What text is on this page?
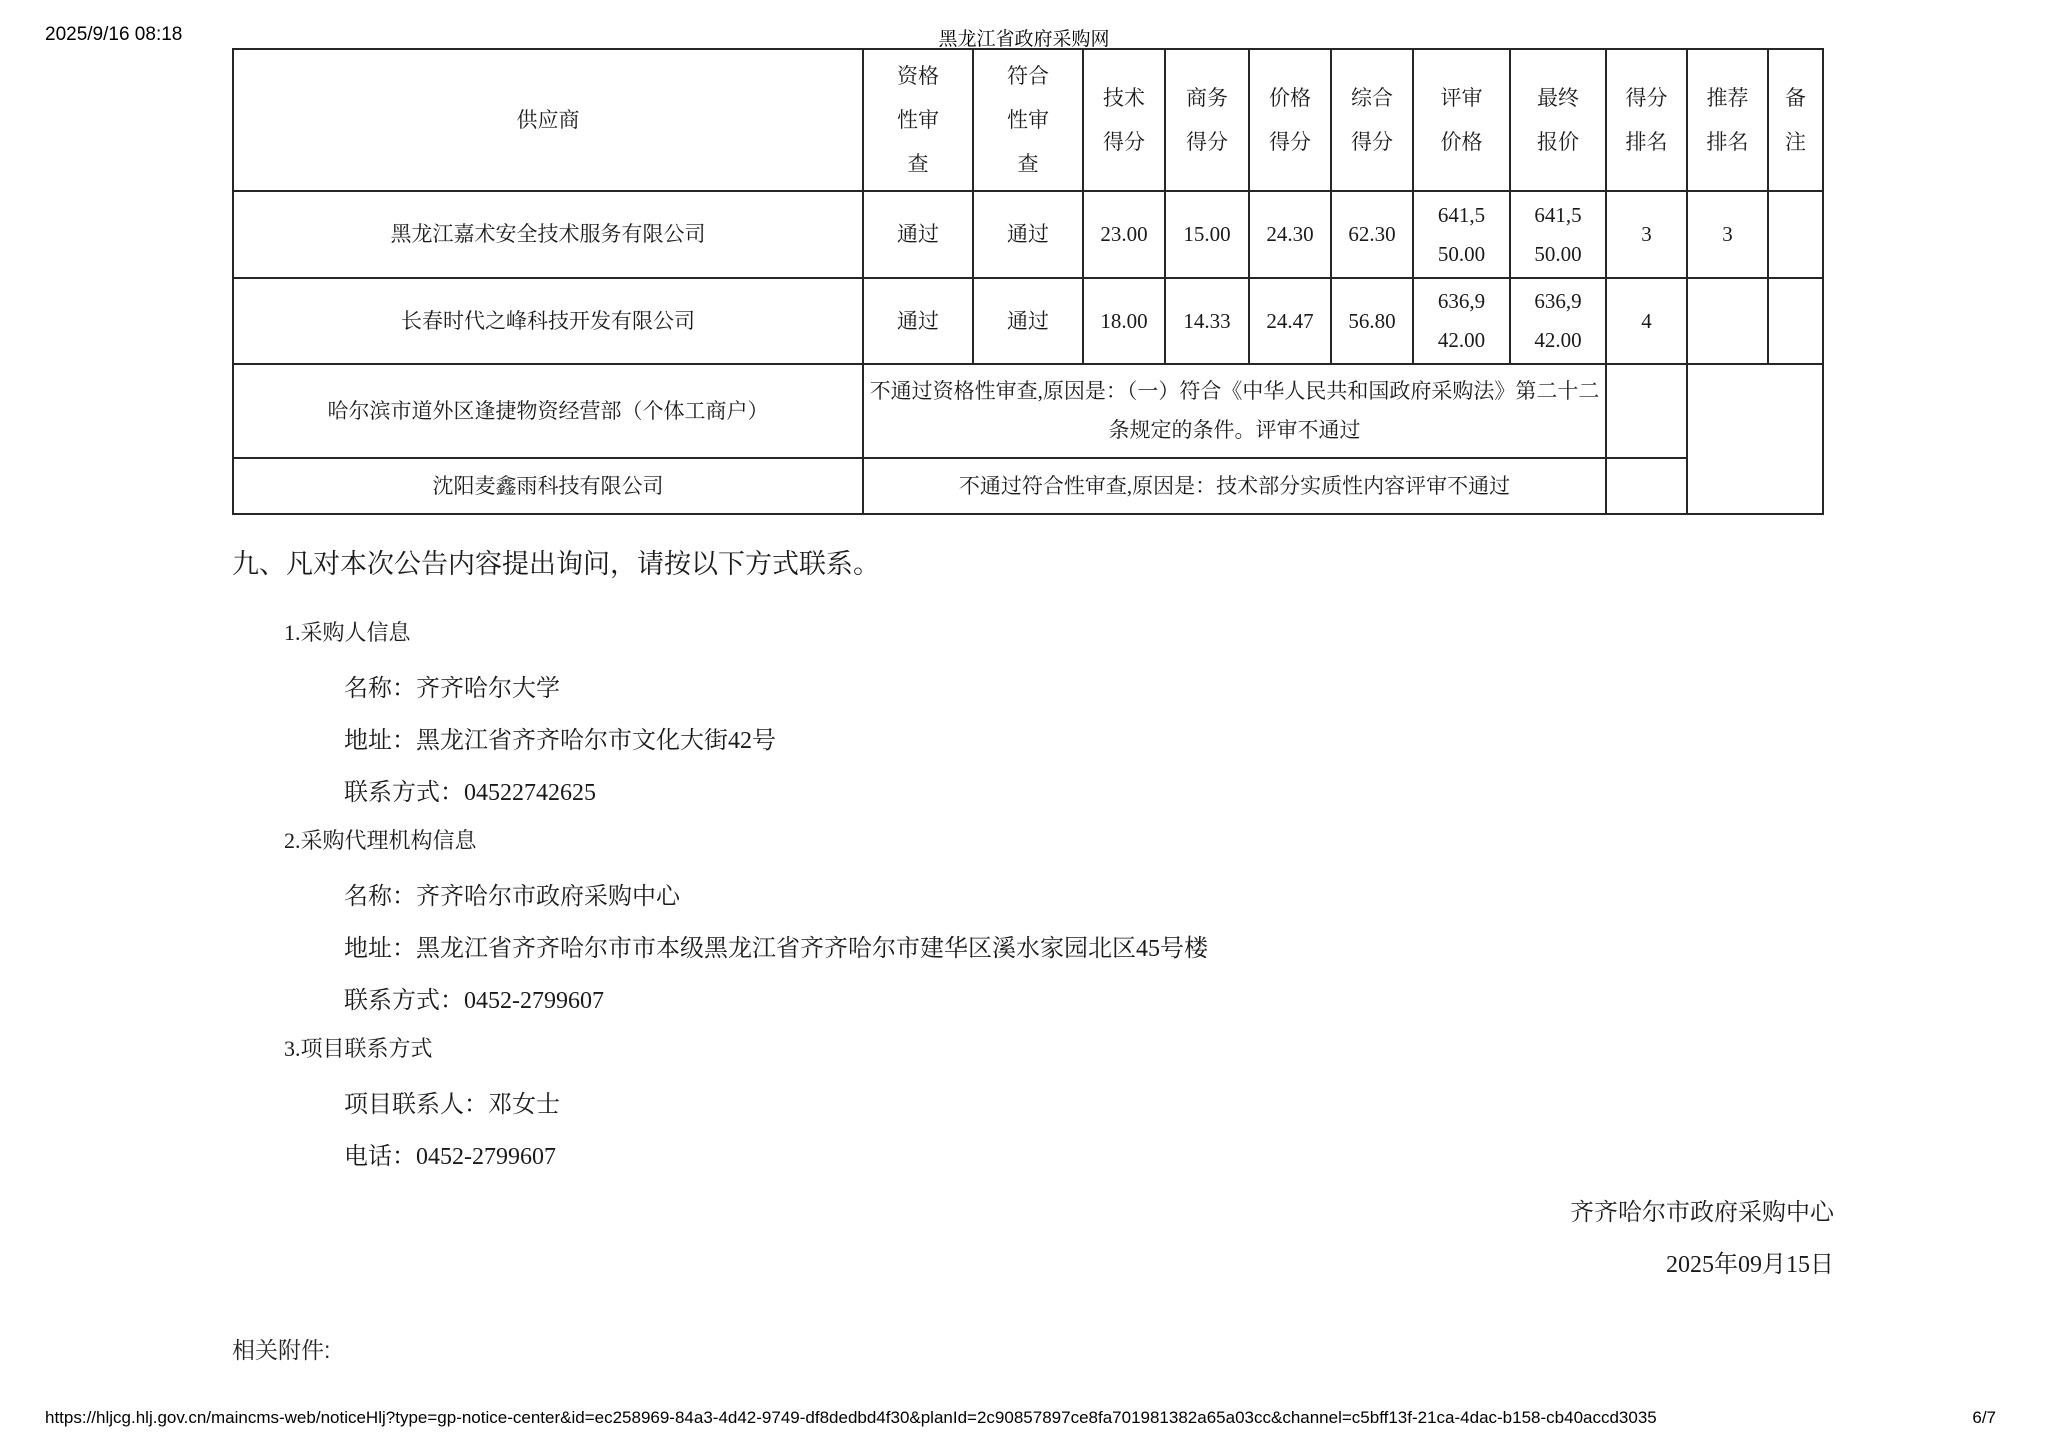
2025/9/16 08:18	黑龙江省政府采购网
供应商	资格性审查	符合性审查	技术得分	商务得分	价格得分	综合得分	评审价格	最终报价	得分排名	推荐排名	备注
黑龙江嘉术安全技术服务有限公司	通过	通过	23.00	15.00	24.30	62.30	641,550.00	641,550.00	3	3	
长春时代之峰科技开发有限公司	通过	通过	18.00	14.33	24.47	56.80	636,942.00	636,942.00	4		
哈尔滨市道外区逢捷物资经营部（个体工商户）	不通过资格性审查,原因是：（一）符合《中华人民共和国政府采购法》第二十二条规定的条件。评审不通过										
沈阳麦鑫雨科技有限公司	不通过符合性审查,原因是：技术部分实质性内容评审不通过										
九、凡对本次公告内容提出询问，请按以下方式联系。
1.采购人信息
名称：齐齐哈尔大学
地址：黑龙江省齐齐哈尔市文化大街42号
联系方式：04522742625
2.采购代理机构信息
名称：齐齐哈尔市政府采购中心
地址：黑龙江省齐齐哈尔市市本级黑龙江省齐齐哈尔市建华区溪水家园北区45号楼
联系方式：0452-2799607
3.项目联系方式
项目联系人：邓女士
电话：0452-2799607
齐齐哈尔市政府采购中心
2025年09月15日
相关附件:
https://hljcg.hlj.gov.cn/maincms-web/noticeHlj?type=gp-notice-center&id=ec258969-84a3-4d42-9749-df8dedbd4f30&planId=2c90857897ce8fa701981382a65a03cc&channel=c5bff13f-21ca-4dac-b158-cb40accd3035	6/7
